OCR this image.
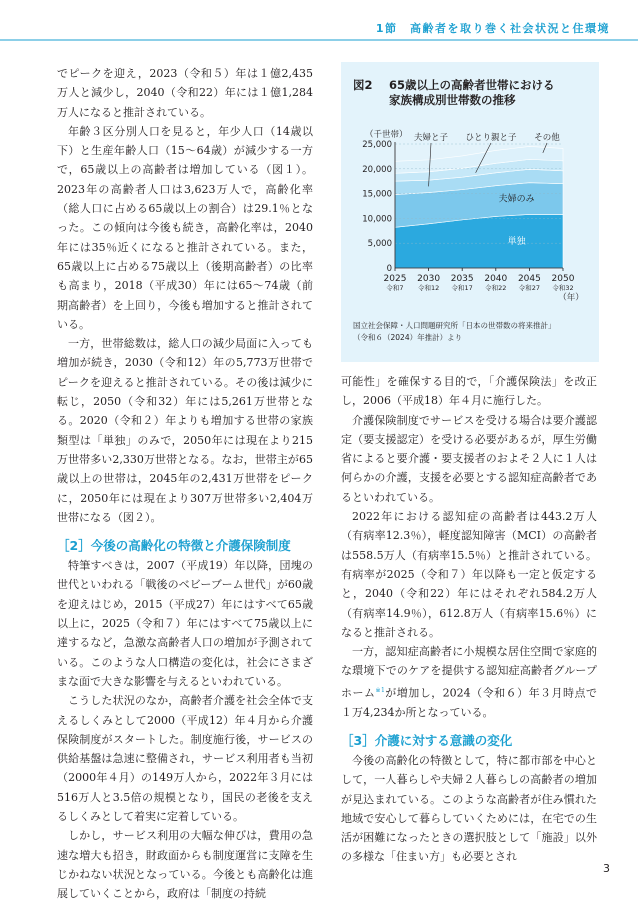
1節　高齢者を取り巻く社会状況と住環境

でピークを迎え，2023（令和５）年は１億2,435万人と減少し，2040（令和22）年には１億1,284万人になると推計されている。

年齢３区分別人口を見ると，年少人口（14歳以下）と生産年齢人口（15〜64歳）が減少する一方で，65歳以上の高齢者は増加している（図１）。2023年の高齢者人口は3,623万人で，高齢化率（総人口に占める65歳以上の割合）は29.1％となった。この傾向は今後も続き，高齢化率は，2040年には35％近くになると推計されている。また，65歳以上に占める75歳以上（後期高齢者）の比率も高まり，2018（平成30）年には65〜74歳（前期高齢者）を上回り，今後も増加すると推計されている。

一方，世帯総数は，総人口の減少局面に入っても増加が続き，2030（令和12）年の5,773万世帯でピークを迎えると推計されている。その後は減少に転じ，2050（令和32）年には5,261万世帯となる。2020（令和２）年よりも増加する世帯の家族類型は「単独」のみで，2050年には現在より215万世帯多い2,330万世帯となる。なお，世帯主が65歳以上の世帯は，2045年の2,431万世帯をピークに，2050年には現在より307万世帯多い2,404万世帯になる（図２）。

［2］今後の高齢化の特徴と介護保険制度

特筆すべきは，2007（平成19）年以降，団塊の世代といわれる「戦後のベビーブーム世代」が60歳を迎えはじめ，2015（平成27）年にはすべて65歳以上に，2025（令和７）年にはすべて75歳以上に達するなど，急激な高齢者人口の増加が予測されている。このような人口構造の変化は，社会にさまざまな面で大きな影響を与えるといわれている。

こうした状況のなか，高齢者介護を社会全体で支えるしくみとして2000（平成12）年４月から介護保険制度がスタートした。制度施行後，サービスの供給基盤は急速に整備され，サービス利用者も当初（2000年４月）の149万人から，2022年３月には516万人と3.5倍の規模となり，国民の老後を支えるしくみとして着実に定着している。

しかし，サービス利用の大幅な伸びは，費用の急速な増大も招き，財政面からも制度運営に支障を生じかねない状況となっている。今後とも高齢化は進展していくことから，政府は「制度の持続

図2 65歳以上の高齢者世帯における
家族構成別世帯数の推移
0
5,000
10,000
15,000
20,000
25,000
（千世帯）
2025
令和7
2030
令和12
2035
令和17
2040
令和22
2045
令和27
2050
令和32
（年）
単独
夫婦のみ
夫婦と子 ひとり親と子 その他
国立社会保障・人口問題研究所「日本の世帯数の将来推計」
（令和６（2024）年推計）より

可能性」を確保する目的で，「介護保険法」を改正し，2006（平成18）年４月に施行した。

介護保険制度でサービスを受ける場合は要介護認定（要支援認定）を受ける必要があるが，厚生労働省によると要介護・要支援者のおよそ２人に１人は何らかの介護，支援を必要とする認知症高齢者であるといわれている。

2022年における認知症の高齢者は443.2万人（有病率12.3％），軽度認知障害（MCI）の高齢者は558.5万人（有病率15.5％）と推計されている。有病率が2025（令和７）年以降も一定と仮定すると，2040（令和22）年にはそれぞれ584.2万人（有病率14.9％），612.8万人（有病率15.6％）になると推計される。

一方，認知症高齢者に小規模な居住空間で家庭的な環境下でのケアを提供する認知症高齢者グループホーム$^{※1}$が増加し，2024（令和６）年３月時点で１万4,234か所となっている。

［3］介護に対する意識の変化

今後の高齢化の特徴として，特に都市部を中心として，一人暮らしや夫婦２人暮らしの高齢者の増加が見込まれている。このような高齢者が住み慣れた地域で安心して暮らしていくためには，在宅での生活が困難になったときの選択肢として「施設」以外の多様な「住まい方」も必要とされ

3
